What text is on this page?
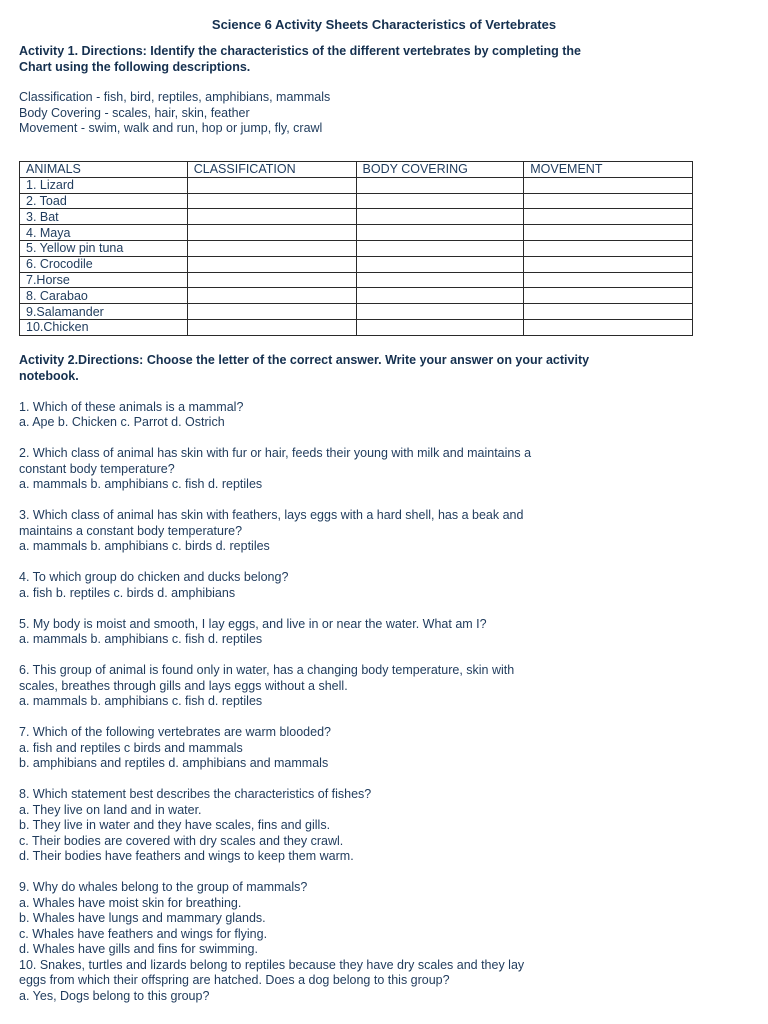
Science 6 Activity Sheets Characteristics of Vertebrates
Activity 1. Directions: Identify the characteristics of the different vertebrates by completing the
Chart using the following descriptions.
Classification - fish, bird, reptiles, amphibians, mammals
Body Covering - scales, hair, skin, feather
Movement - swim, walk and run, hop or jump, fly, crawl
ANIMALS	CLASSIFICATION	BODY COVERING	MOVEMENT
1. Lizard			
2. Toad			
3. Bat			
4. Maya			
5. Yellow pin tuna			
6. Crocodile			
7.Horse			
8. Carabao			
9.Salamander			
10.Chicken			
Activity 2.Directions: Choose the letter of the correct answer. Write your answer on your activity
notebook.
1. Which of these animals is a mammal?
a. Ape b. Chicken c. Parrot d. Ostrich
2. Which class of animal has skin with fur or hair, feeds their young with milk and maintains a
constant body temperature?
a. mammals b. amphibians c. fish d. reptiles
3. Which class of animal has skin with feathers, lays eggs with a hard shell, has a beak and
maintains a constant body temperature?
a. mammals b. amphibians c. birds d. reptiles
4. To which group do chicken and ducks belong?
a. fish b. reptiles c. birds d. amphibians
5. My body is moist and smooth, I lay eggs, and live in or near the water. What am I?
a. mammals b. amphibians c. fish d. reptiles
6. This group of animal is found only in water, has a changing body temperature, skin with
scales, breathes through gills and lays eggs without a shell.
a. mammals b. amphibians c. fish d. reptiles
7. Which of the following vertebrates are warm blooded?
a. fish and reptiles c birds and mammals
b. amphibians and reptiles d. amphibians and mammals
8. Which statement best describes the characteristics of fishes?
a. They live on land and in water.
b. They live in water and they have scales, fins and gills.
c. Their bodies are covered with dry scales and they crawl.
d. Their bodies have feathers and wings to keep them warm.
9. Why do whales belong to the group of mammals?
a. Whales have moist skin for breathing.
b. Whales have lungs and mammary glands.
c. Whales have feathers and wings for flying.
d. Whales have gills and fins for swimming.
10. Snakes, turtles and lizards belong to reptiles because they have dry scales and they lay
eggs from which their offspring are hatched. Does a dog belong to this group?
a. Yes, Dogs belong to this group?
